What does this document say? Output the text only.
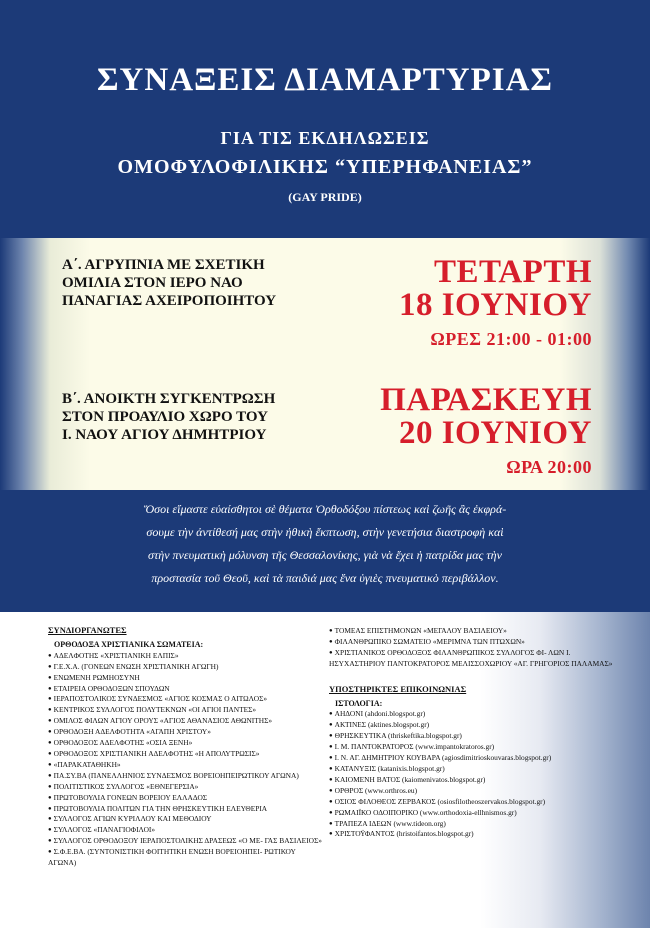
ΣΥΝΑΞΕΙΣ ΔΙΑΜΑΡΤΥΡΙΑΣ
ΓΙΑ ΤΙΣ ΕΚΔΗΛΩΣΕΙΣ
ΟΜΟΦΥΛΟΦΙΛΙΚΗΣ “ΥΠΕΡΗΦΑΝΕΙΑΣ”
(GAY PRIDE)
Α΄. ΑΓΡΥΠΝΙΑ ΜΕ ΣΧΕΤΙΚΗ
ΟΜΙΛΙΑ ΣΤΟΝ ΙΕΡΟ ΝΑΟ
ΠΑΝΑΓΙΑΣ ΑΧΕΙΡΟΠΟΙΗΤΟΥ
ΤΕΤΑΡΤΗ
18 ΙΟΥΝΙΟΥ
ΩΡΕΣ 21:00 - 01:00
Β΄. ΑΝΟΙΚΤΗ ΣΥΓΚΕΝΤΡΩΣΗ
ΣΤΟΝ ΠΡΟΑΥΛΙΟ ΧΩΡΟ ΤΟΥ
Ι. ΝΑΟΥ ΑΓΙΟΥ ΔΗΜΗΤΡΙΟΥ
ΠΑΡΑΣΚΕΥΗ
20 ΙΟΥΝΙΟΥ
ΩΡΑ 20:00
Ὅσοι εἴμαστε εὐαίσθητοι σὲ θέματα Ὀρθοδόξου πίστεως καὶ ζωῆς ἂς ἐκφρά-
σουμε τὴν ἀντίθεσή μας στὴν ἠθικὴ ἔκπτωση, στὴν γενετήσια διαστροφὴ καὶ
στὴν πνευματικὴ μόλυνση τῆς Θεσσαλονίκης, γιὰ νὰ ἔχει ἡ πατρίδα μας τὴν
προστασία τοῦ Θεοῦ, καὶ τὰ παιδιά μας ἕνα ὑγιὲς πνευματικὸ περιβάλλον.
ΣΥΝΔΙΟΡΓΑΝΩΤΕΣ
ΟΡΘΟΔΟΞΑ ΧΡΙΣΤΙΑΝΙΚΑ ΣΩΜΑΤΕΙΑ:
● ΑΔΕΛΦΟΤΗΣ «ΧΡΙΣΤΙΑΝΙΚΗ ΕΛΠΙΣ»
● Γ.Ε.Χ.Α. (ΓΟΝΕΩΝ ΕΝΩΣΗ ΧΡΙΣΤΙΑΝΙΚΗ ΑΓΩΓΗ)
● ΕΝΩΜΕΝΗ ΡΩΜΗΟΣΥΝΗ
● ΕΤΑΙΡΕΙΑ ΟΡΘΟΔΟΞΩΝ ΣΠΟΥΔΩΝ
● ΙΕΡΑΠΟΣΤΟΛΙΚΟΣ ΣΥΝΔΕΣΜΟΣ «ΑΓΙΟΣ ΚΟΣΜΑΣ Ο ΑΙΤΩΛΟΣ»
● ΚΕΝΤΡΙΚΟΣ ΣΥΛΛΟΓΟΣ ΠΟΛΥΤΕΚΝΩΝ «ΟΙ ΑΓΙΟΙ ΠΑΝΤΕΣ»
● ΟΜΙΛΟΣ ΦΙΛΩΝ ΑΓΙΟΥ ΟΡΟΥΣ «ΑΓΙΟΣ ΑΘΑΝΑΣΙΟΣ ΑΘΩΝΙΤΗΣ»
● ΟΡΘΟΔΟΞΗ ΑΔΕΛΦΟΤΗΤΑ «ΑΓΑΠΗ ΧΡΙΣΤΟΥ»
● ΟΡΘΟΔΟΞΟΣ ΑΔΕΛΦΟΤΗΣ «ΟΣΙΑ ΞΕΝΗ»
● ΟΡΘΟΔΟΞΟΣ ΧΡΙΣΤΙΑΝΙΚΗ ΑΔΕΛΦΟΤΗΣ «Η ΑΠΟΛΥΤΡΩΣΙΣ»
● «ΠΑΡΑΚΑΤΑΘΗΚΗ»
● ΠΑ.ΣΥ.ΒΑ (ΠΑΝΕΛΛΗΝΙΟΣ ΣΥΝΔΕΣΜΟΣ ΒΟΡΕΙΟΗΠΕΙΡΩΤΙΚΟΥ ΑΓΩΝΑ)
● ΠΟΛΙΤΙΣΤΙΚΟΣ ΣΥΛΛΟΓΟΣ «ΕΘΝΕΓΕΡΣΙΑ»
● ΠΡΩΤΟΒΟΥΛΙΑ ΓΟΝΕΩΝ ΒΟΡΕΙΟΥ ΕΛΛΑΔΟΣ
● ΠΡΩΤΟΒΟΥΛΙΑ ΠΟΛΙΤΩΝ ΓΙΑ ΤΗΝ ΘΡΗΣΚΕΥΤΙΚΗ ΕΛΕΥΘΕΡΙΑ
● ΣΥΛΛΟΓΟΣ ΑΓΙΩΝ ΚΥΡΙΛΛΟΥ ΚΑΙ ΜΕΘΟΔΙΟΥ
● ΣΥΛΛΟΓΟΣ «ΠΑΝΑΓΙΟΦΙΛΟΙ»
● ΣΥΛΛΟΓΟΣ ΟΡΘΟΔΟΞΟΥ ΙΕΡΑΠΟΣΤΟΛΙΚΗΣ ΔΡΑΣΕΩΣ «Ο ΜΕ- ΓΑΣ ΒΑΣΙΛΕΙΟΣ»
● Σ.Φ.Ε.ΒΑ. (ΣΥΝΤΟΝΙΣΤΙΚΗ ΦΟΙΤΗΤΙΚΗ ΕΝΩΣΗ ΒΟΡΕΙΟΗΠΕΙ- ΡΩΤΙΚΟΥ ΑΓΩΝΑ)
● ΤΟΜΕΑΣ ΕΠΙΣΤΗΜΟΝΩΝ «ΜΕΓΑΛΟΥ ΒΑΣΙΛΕΙΟΥ»
● ΦΙΛΑΝΘΡΩΠΙΚΟ ΣΩΜΑΤΕΙΟ «ΜΕΡΙΜΝΑ ΤΩΝ ΠΤΩΧΩΝ»
● ΧΡΙΣΤΙΑΝΙΚΟΣ ΟΡΘΟΔΟΞΟΣ ΦΙΛΑΝΘΡΩΠΙΚΟΣ ΣΥΛΛΟΓΟΣ ΦΙ- ΛΩΝ Ι. ΗΣΥΧΑΣΤΗΡΙΟΥ ΠΑΝΤΟΚΡΑΤΟΡΟΣ ΜΕΛΙΣΣΟΧΩΡΙΟΥ «ΑΓ. ΓΡΗΓΟΡΙΟΣ ΠΑΛΑΜΑΣ»
ΥΠΟΣΤΗΡΙΚΤΕΣ ΕΠΙΚΟΙΝΩΝΙΑΣ
ΙΣΤΟΛΟΓΙΑ:
● ΑΗΔΟΝΙ (ahdoni.blogspot.gr)
● ΑΚΤΙΝΕΣ (aktines.blogspot.gr)
● ΘΡΗΣΚΕΥΤΙΚΑ (thriskeftika.blogspot.gr)
● Ι. Μ. ΠΑΝΤΟΚΡΑΤΟΡΟΣ (www.impantokratoros.gr)
● Ι. Ν. ΑΓ. ΔΗΜΗΤΡΙΟΥ ΚΟΥΒΑΡΑ (agiosdimitrioskouvaras.blogspot.gr)
● ΚΑΤΑΝΥΞΙΣ (katanixis.blogspot.gr)
● ΚΑΙΟΜΕΝΗ ΒΑΤΟΣ (kaiomenivatos.blogspot.gr)
● ΟΡΘΡΟΣ (www.orthros.eu)
● ΟΣΙΟΣ ΦΙΛΟΘΕΟΣ ΖΕΡΒΑΚΟΣ (osiosfilotheoszervakos.blogspot.gr)
● ΡΩΜΑΙΪΚΟ ΟΔΟΙΠΟΡΙΚΟ (www.orthodoxia-ellhnismos.gr)
● ΤΡΑΠΕΖΑ ΙΔΕΩΝ (www.tideon.org)
● ΧΡΙΣΤΟΫΦΑΝΤΟΣ (hristoifantos.blogspot.gr)
